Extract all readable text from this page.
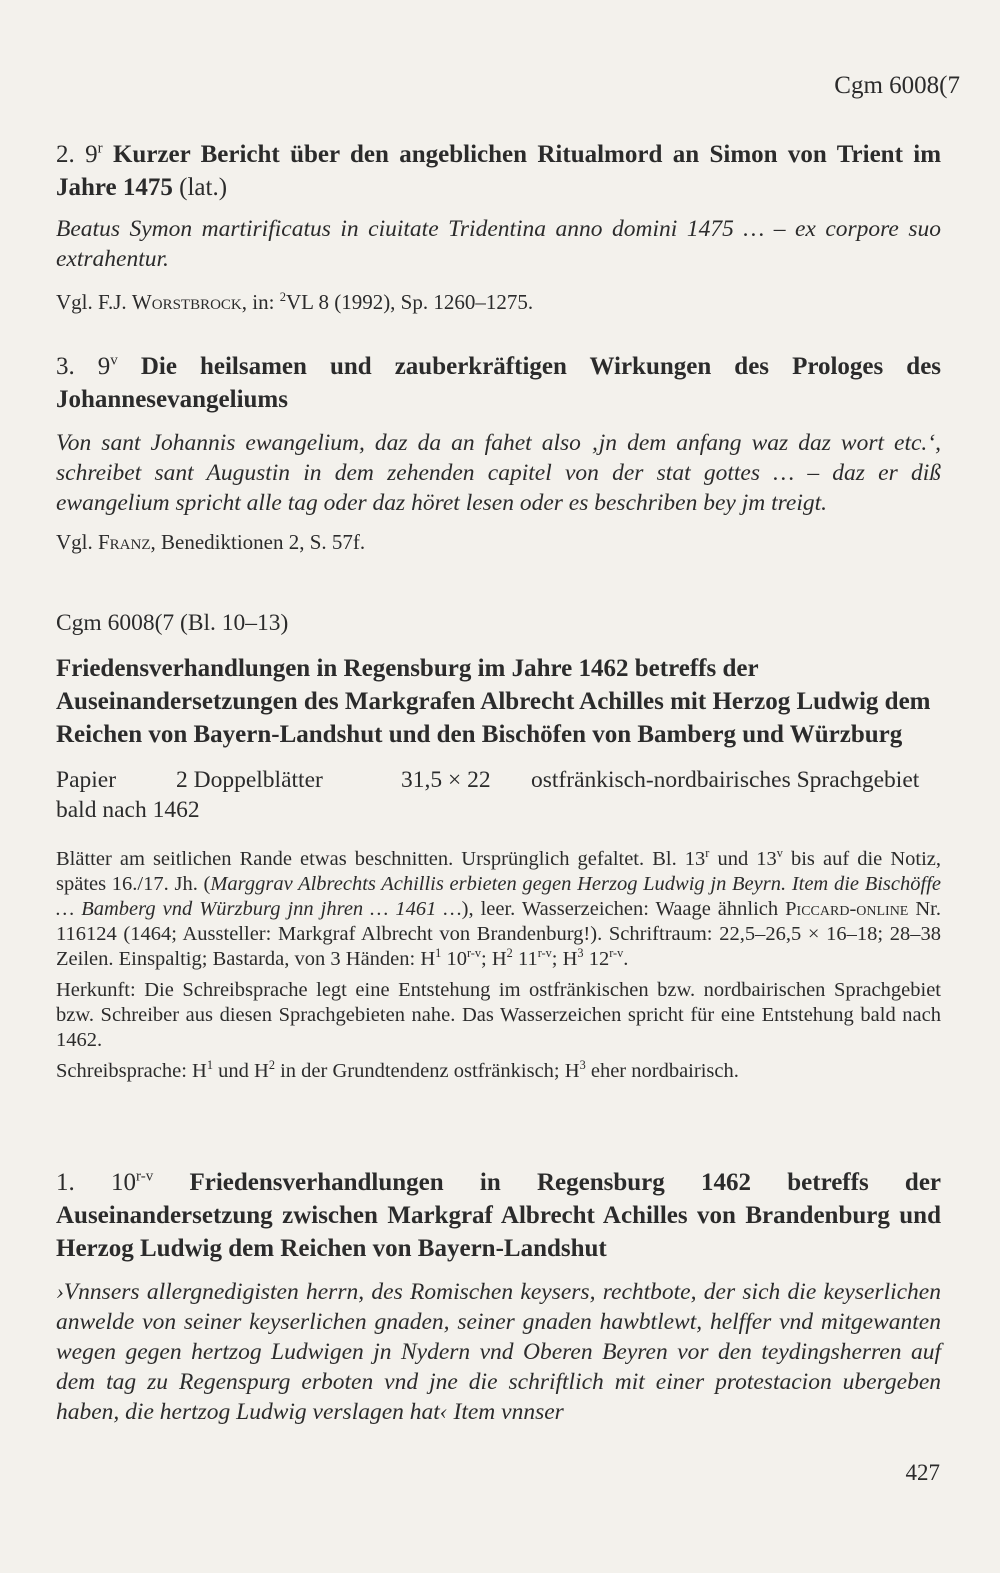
Cgm 6008(7
2. 9$^r$ Kurzer Bericht über den angeblichen Ritualmord an Simon von Trient im Jahre 1475 (lat.)
Beatus Symon martirificatus in ciuitate Tridentina anno domini 1475 … – ex corpore suo extrahentur.
Vgl. F.J. Worstbrock, in: $^2$VL 8 (1992), Sp. 1260–1275.
3. 9$^v$ Die heilsamen und zauberkräftigen Wirkungen des Prologes des Johannesevangeliums
Von sant Johannis ewangelium, daz da an fahet also ‚jn dem anfang waz daz wort etc.‘, schreibet sant Augustin in dem zehenden capitel von der stat gottes … – daz er diß ewangelium spricht alle tag oder daz höret lesen oder es beschriben bey jm treigt.
Vgl. Franz, Benediktionen 2, S. 57f.
Cgm 6008(7 (Bl. 10–13)
Friedensverhandlungen in Regensburg im Jahre 1462 betreffs der Auseinandersetzungen des Markgrafen Albrecht Achilles mit Herzog Ludwig dem Reichen von Bayern-Landshut und den Bischöfen von Bamberg und Würzburg
Papier	2 Doppelblätter	31,5 × 22 ostfränkisch-nordbairisches Sprachgebiet
bald nach 1462
Blätter am seitlichen Rande etwas beschnitten. Ursprünglich gefaltet. Bl. 13$^r$ und 13$^v$ bis auf die Notiz, spätes 16./17. Jh. (Marggrav Albrechts Achillis erbieten gegen Herzog Ludwig jn Beyrn. Item die Bischöffe … Bamberg vnd Würzburg jnn jhren … 1461 …), leer. Wasserzeichen: Waage ähnlich Piccard-online Nr. 116124 (1464; Aussteller: Markgraf Albrecht von Brandenburg!). Schriftraum: 22,5–26,5 × 16–18; 28–38 Zeilen. Einspaltig; Bastarda, von 3 Händen: $H^1$ 10$^{r-v}$; $H^2$ 11$^{r-v}$; $H^3$ 12$^{r-v}$.
Herkunft: Die Schreibsprache legt eine Entstehung im ostfränkischen bzw. nordbairischen Sprachgebiet bzw. Schreiber aus diesen Sprachgebieten nahe. Das Wasserzeichen spricht für eine Entstehung bald nach 1462.
Schreibsprache: $H^1$ und $H^2$ in der Grundtendenz ostfränkisch; $H^3$ eher nordbairisch.
1. 10$^{r-v}$ Friedensverhandlungen in Regensburg 1462 betreffs der Auseinandersetzung zwischen Markgraf Albrecht Achilles von Brandenburg und Herzog Ludwig dem Reichen von Bayern-Landshut
›Vnnsers allergnedigisten herrn, des Romischen keysers, rechtbote, der sich die keyserlichen anwelde von seiner keyserlichen gnaden, seiner gnaden hawbtlewt, helffer vnd mitgewanten wegen gegen hertzog Ludwigen jn Nydern vnd Oberen Beyren vor den teydingsherren auf dem tag zu Regenspurg erboten vnd jne die schriftlich mit einer protestacion ubergeben haben, die hertzog Ludwig verslagen hat‹ Item vnnser
427
